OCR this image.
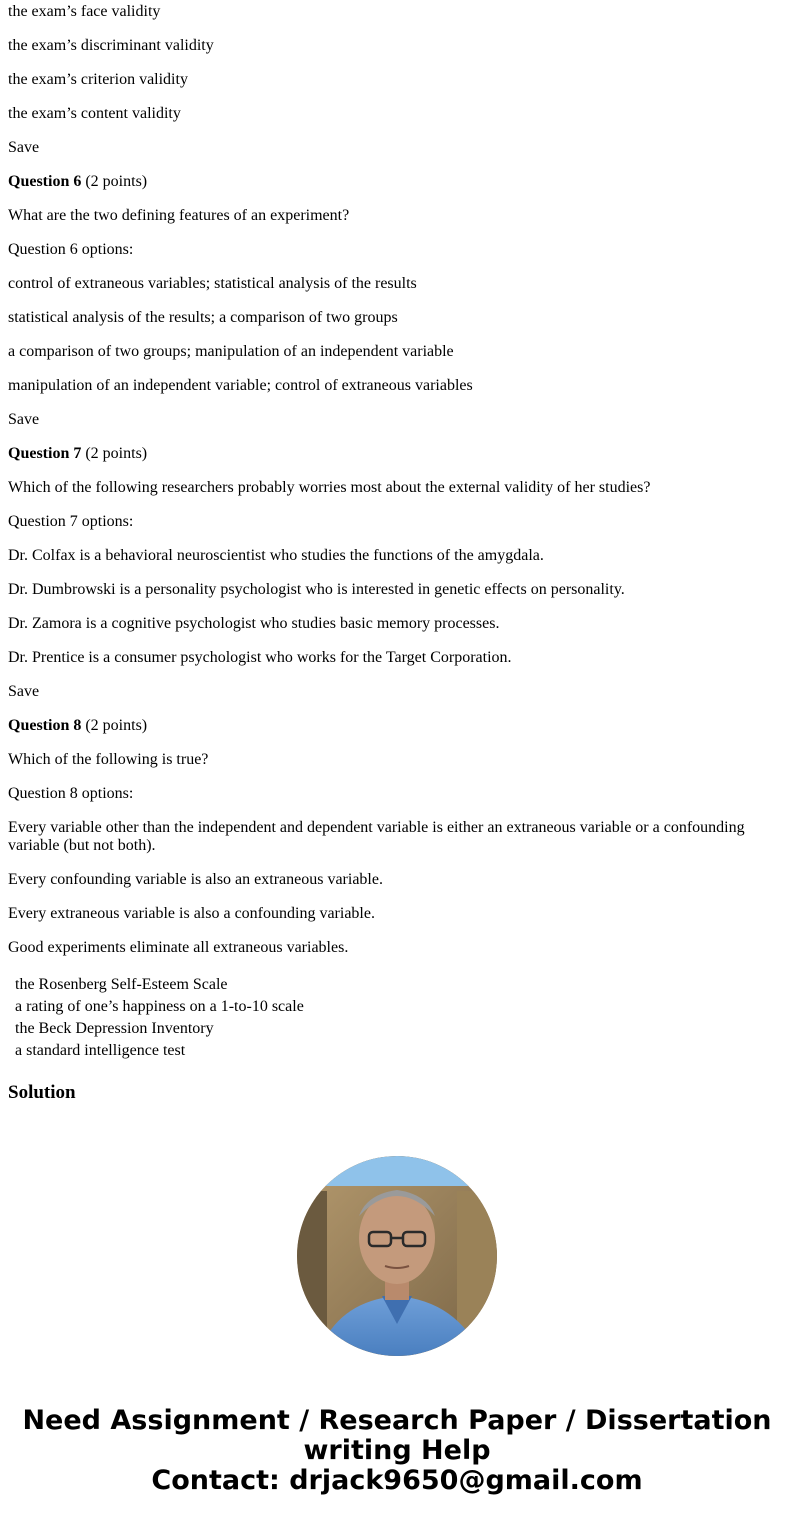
the exam’s face validity

the exam’s discriminant validity

the exam’s criterion validity

the exam’s content validity

Save

Question 6 (2 points)

What are the two defining features of an experiment?

Question 6 options:

control of extraneous variables; statistical analysis of the results

statistical analysis of the results; a comparison of two groups

a comparison of two groups; manipulation of an independent variable

manipulation of an independent variable; control of extraneous variables

Save

Question 7 (2 points)

Which of the following researchers probably worries most about the external validity of her studies?

Question 7 options:

Dr. Colfax is a behavioral neuroscientist who studies the functions of the amygdala.

Dr. Dumbrowski is a personality psychologist who is interested in genetic effects on personality.

Dr. Zamora is a cognitive psychologist who studies basic memory processes.

Dr. Prentice is a consumer psychologist who works for the Target Corporation.

Save

Question 8 (2 points)

Which of the following is true?

Question 8 options:

Every variable other than the independent and dependent variable is either an extraneous variable or a confounding variable (but not both).

Every confounding variable is also an extraneous variable.

Every extraneous variable is also a confounding variable.

Good experiments eliminate all extraneous variables.

the Rosenberg Self-Esteem Scale
a rating of one’s happiness on a 1-to-10 scale
the Beck Depression Inventory
a standard intelligence test
Solution
Need Assignment / Research Paper / Dissertation
writing Help
Contact: drjack9650@gmail.com
